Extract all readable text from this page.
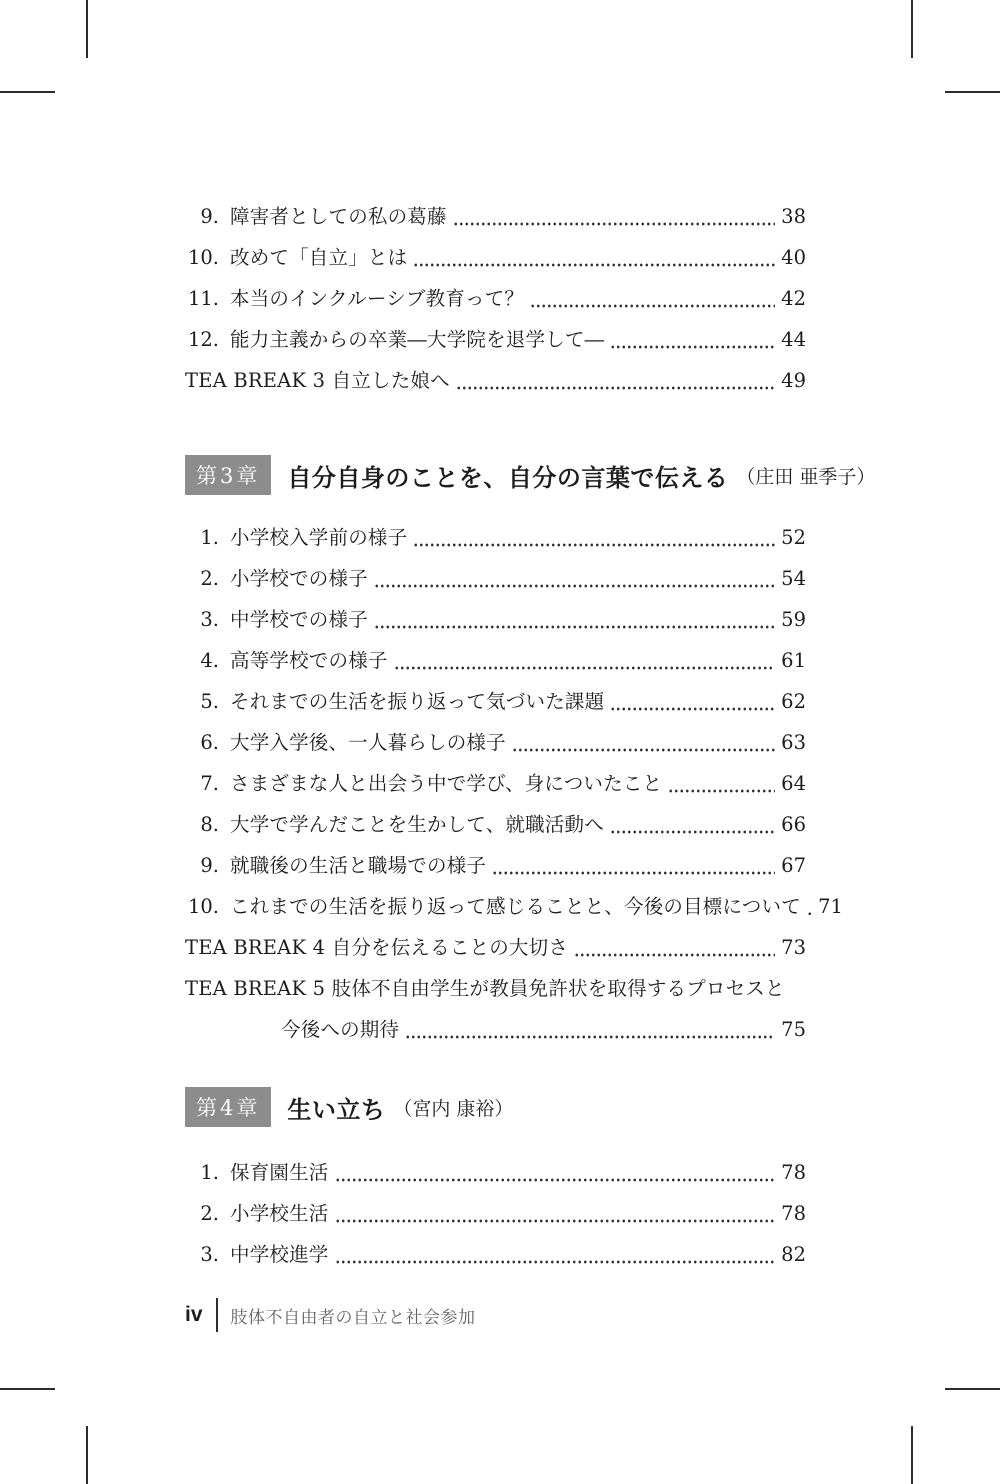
9. 障害者としての私の葛藤	38
10. 改めて「自立」とは	40
11. 本当のインクルーシブ教育って？	42
12. 能力主義からの卒業―大学院を退学して―	44
TEA BREAK 3 自立した娘へ	49
第3章	自分自身のことを、自分の言葉で伝える （庄田 亜季子）
1. 小学校入学前の様子	52
2. 小学校での様子	54
3. 中学校での様子	59
4. 高等学校での様子	61
5. それまでの生活を振り返って気づいた課題	62
6. 大学入学後、一人暮らしの様子	63
7. さまざまな人と出会う中で学び、身についたこと	64
8. 大学で学んだことを生かして、就職活動へ	66
9. 就職後の生活と職場での様子	67
10. これまでの生活を振り返って感じることと、今後の目標について 71
TEA BREAK 4 自分を伝えることの大切さ	73
TEA BREAK 5 肢体不自由学生が教員免許状を取得するプロセスと
今後への期待	75
第4章	生い立ち （宮内 康裕）
1. 保育園生活	78
2. 小学校生活	78
3. 中学校進学	82
iv 肢体不自由者の自立と社会参加
